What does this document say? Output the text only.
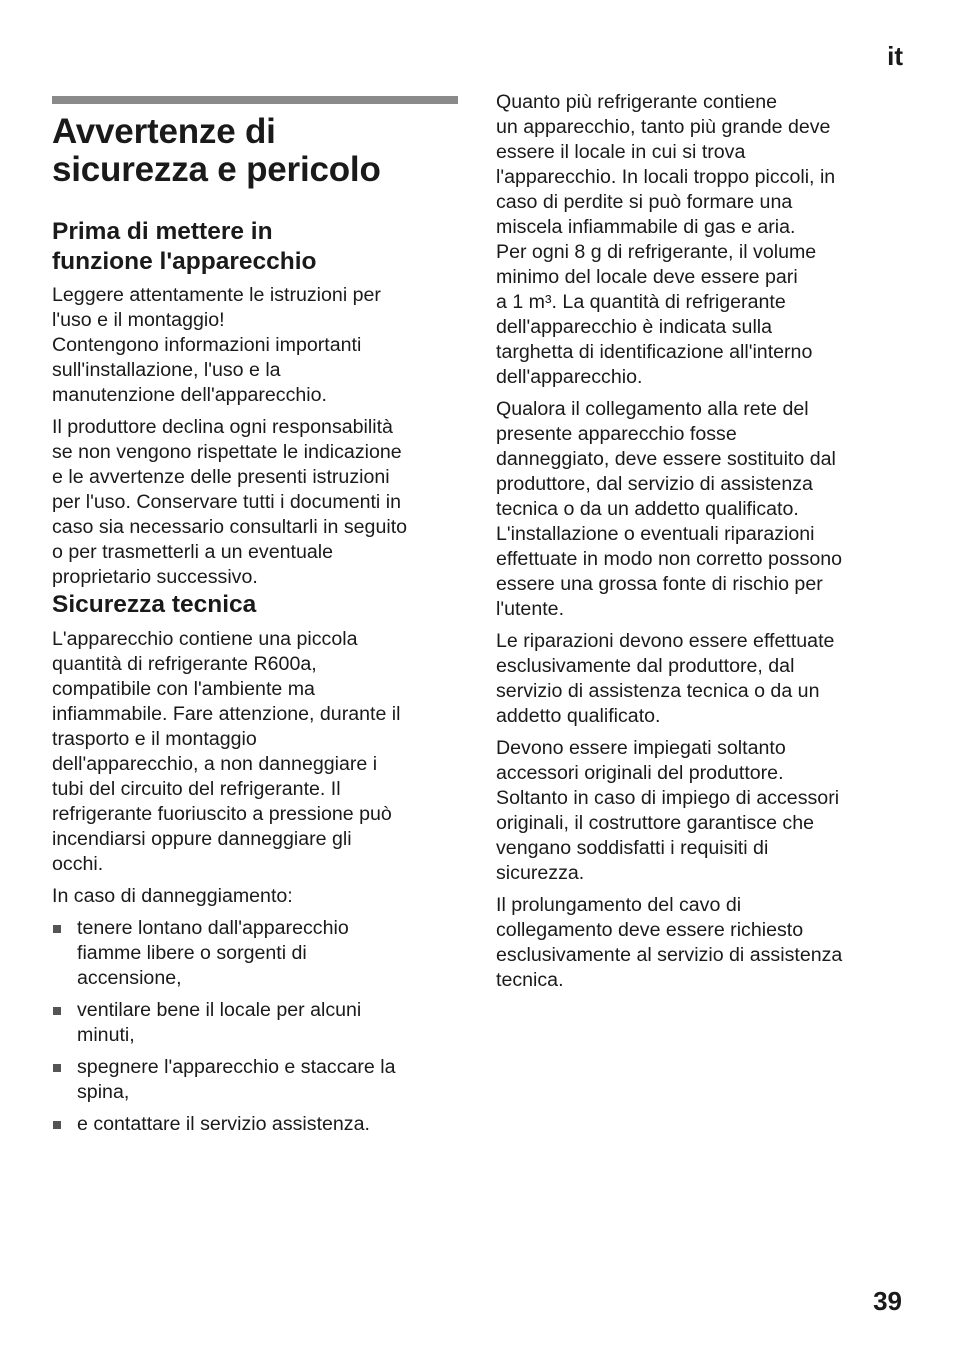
it
Avvertenze di
sicurezza e pericolo
Prima di mettere in
funzione l'apparecchio

Leggere attentamente le istruzioni per
l'uso e il montaggio!
Contengono informazioni importanti
sull'installazione, l'uso e la
manutenzione dell'apparecchio.

Il produttore declina ogni responsabilità
se non vengono rispettate le indicazione
e le avvertenze delle presenti istruzioni
per l'uso. Conservare tutti i documenti in
caso sia necessario consultarli in seguito
o per trasmetterli a un eventuale
proprietario successivo.

Sicurezza tecnica

L'apparecchio contiene una piccola
quantità di refrigerante R600a,
compatibile con l'ambiente ma
infiammabile. Fare attenzione, durante il
trasporto e il montaggio
dell'apparecchio, a non danneggiare i
tubi del circuito del refrigerante. Il
refrigerante fuoriuscito a pressione può
incendiarsi oppure danneggiare gli
occhi.

In caso di danneggiamento:

tenere lontano dall'apparecchio
fiamme libere o sorgenti di
accensione,
ventilare bene il locale per alcuni
minuti,
spegnere l'apparecchio e staccare la
spina,
e contattare il servizio assistenza.

Quanto più refrigerante contiene
un apparecchio, tanto più grande deve
essere il locale in cui si trova
l'apparecchio. In locali troppo piccoli, in
caso di perdite si può formare una
miscela infiammabile di gas e aria.
Per ogni 8 g di refrigerante, il volume
minimo del locale deve essere pari
a 1 m³. La quantità di refrigerante
dell'apparecchio è indicata sulla
targhetta di identificazione all'interno
dell'apparecchio.

Qualora il collegamento alla rete del
presente apparecchio fosse
danneggiato, deve essere sostituito dal
produttore, dal servizio di assistenza
tecnica o da un addetto qualificato.
L'installazione o eventuali riparazioni
effettuate in modo non corretto possono
essere una grossa fonte di rischio per
l'utente.

Le riparazioni devono essere effettuate
esclusivamente dal produttore, dal
servizio di assistenza tecnica o da un
addetto qualificato.

Devono essere impiegati soltanto
accessori originali del produttore.
Soltanto in caso di impiego di accessori
originali, il costruttore garantisce che
vengano soddisfatti i requisiti di
sicurezza.

Il prolungamento del cavo di
collegamento deve essere richiesto
esclusivamente al servizio di assistenza
tecnica.

39
